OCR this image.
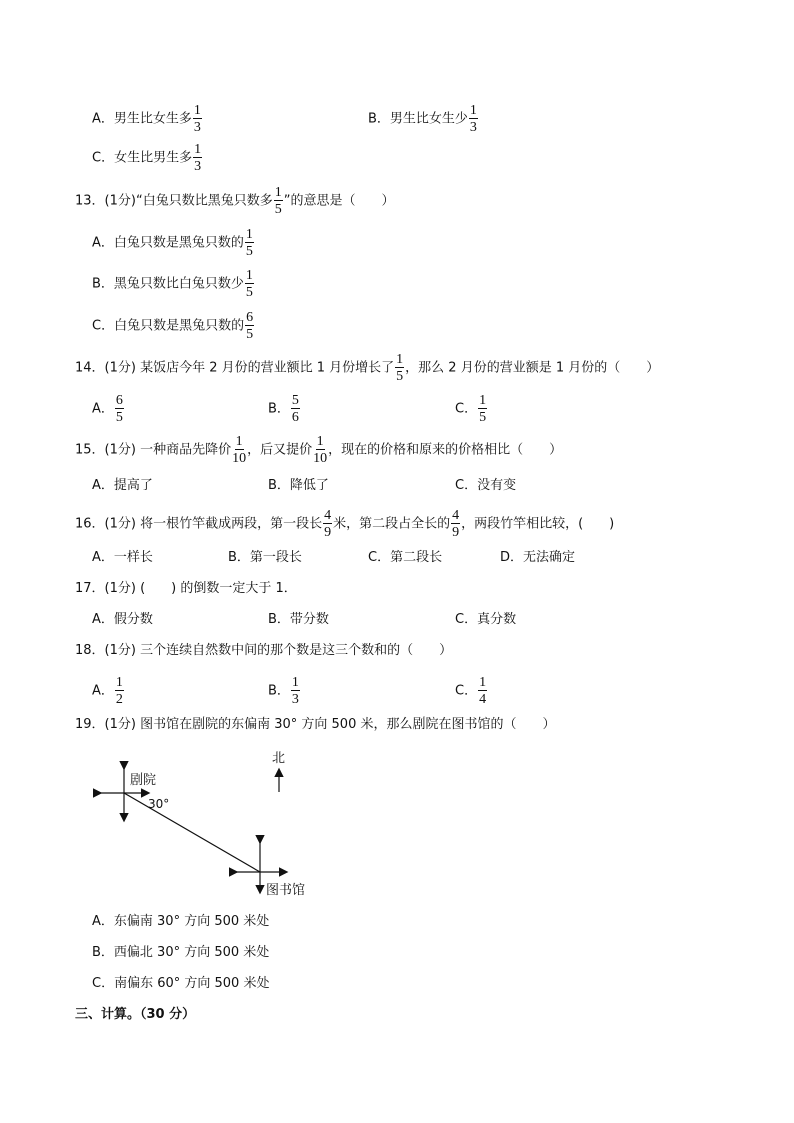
A．男生比女生多 $\frac{1}{3}$	B．男生比女生少 $\frac{1}{3}$
C．女生比男生多 $\frac{1}{3}$
13．(1分)“白兔只数比黑兔只数多 $\frac{1}{5}$ ”的意思是（　　）
A．白兔只数是黑兔只数的 $\frac{1}{5}$
B．黑兔只数比白兔只数少 $\frac{1}{5}$
C．白兔只数是黑兔只数的 $\frac{6}{5}$
14．(1分) 某饭店今年 2 月份的营业额比 1 月份增长了 $\frac{1}{5}$ ，那么 2 月份的营业额是 1 月份的（　　）
A． $\frac{6}{5}$	B． $\frac{5}{6}$	C． $\frac{1}{5}$
15．(1分) 一种商品先降价 $\frac{1}{10}$ ，后又提价 $\frac{1}{10}$ ，现在的价格和原来的价格相比（　　）
A．提高了	B．降低了	C．没有变
16．(1分) 将一根竹竿截成两段，第一段长 $\frac{4}{9}$ 米，第二段占全长的 $\frac{4}{9}$ ，两段竹竿相比较，(　　)
A．一样长	B．第一段长	C．第二段长	D．无法确定
17．(1分) (　　) 的倒数一定大于 1．
A．假分数	B．带分数	C．真分数
18．(1分) 三个连续自然数中间的那个数是这三个数和的（　　）
A． $\frac{1}{2}$	B． $\frac{1}{3}$	C． $\frac{1}{4}$
19．(1分) 图书馆在剧院的东偏南 30° 方向 500 米，那么剧院在图书馆的（　　）
北
剧院
30°
图书馆
A．东偏南 30° 方向 500 米处
B．西偏北 30° 方向 500 米处
C．南偏东 60° 方向 500 米处
三、计算。（30 分）
